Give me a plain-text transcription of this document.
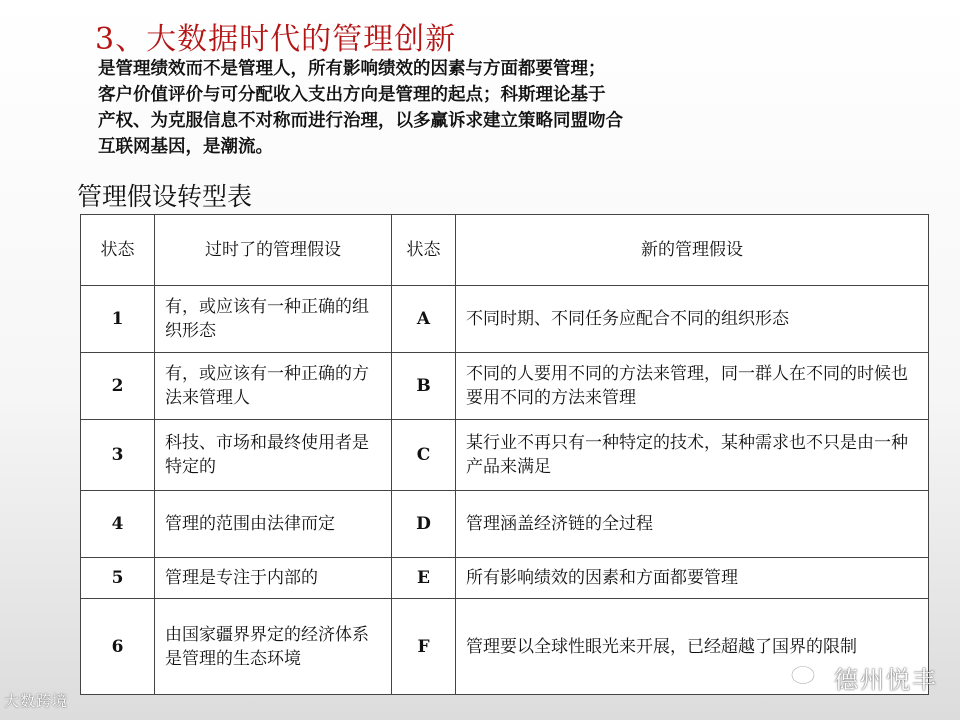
3、大数据时代的管理创新
是管理绩效而不是管理人，所有影响绩效的因素与方面都要管理；
客户价值评价与可分配收入支出方向是管理的起点；科斯理论基于
产权、为克服信息不对称而进行治理，以多赢诉求建立策略同盟吻合
互联网基因，是潮流。
管理假设转型表
状态	过时了的管理假设	状态	新的管理假设
1	有，或应该有一种正确的组织形态	A	不同时期、不同任务应配合不同的组织形态
2	有，或应该有一种正确的方法来管理人	B	不同的人要用不同的方法来管理，同一群人在不同的时候也要用不同的方法来管理
3	科技、市场和最终使用者是特定的	C	某行业不再只有一种特定的技术，某种需求也不只是由一种产品来满足
4	管理的范围由法律而定	D	管理涵盖经济链的全过程
5	管理是专注于内部的	E	所有影响绩效的因素和方面都要管理
6	由国家疆界界定的经济体系是管理的生态环境	F	管理要以全球性眼光来开展，已经超越了国界的限制
大数跨境
德州悦丰
